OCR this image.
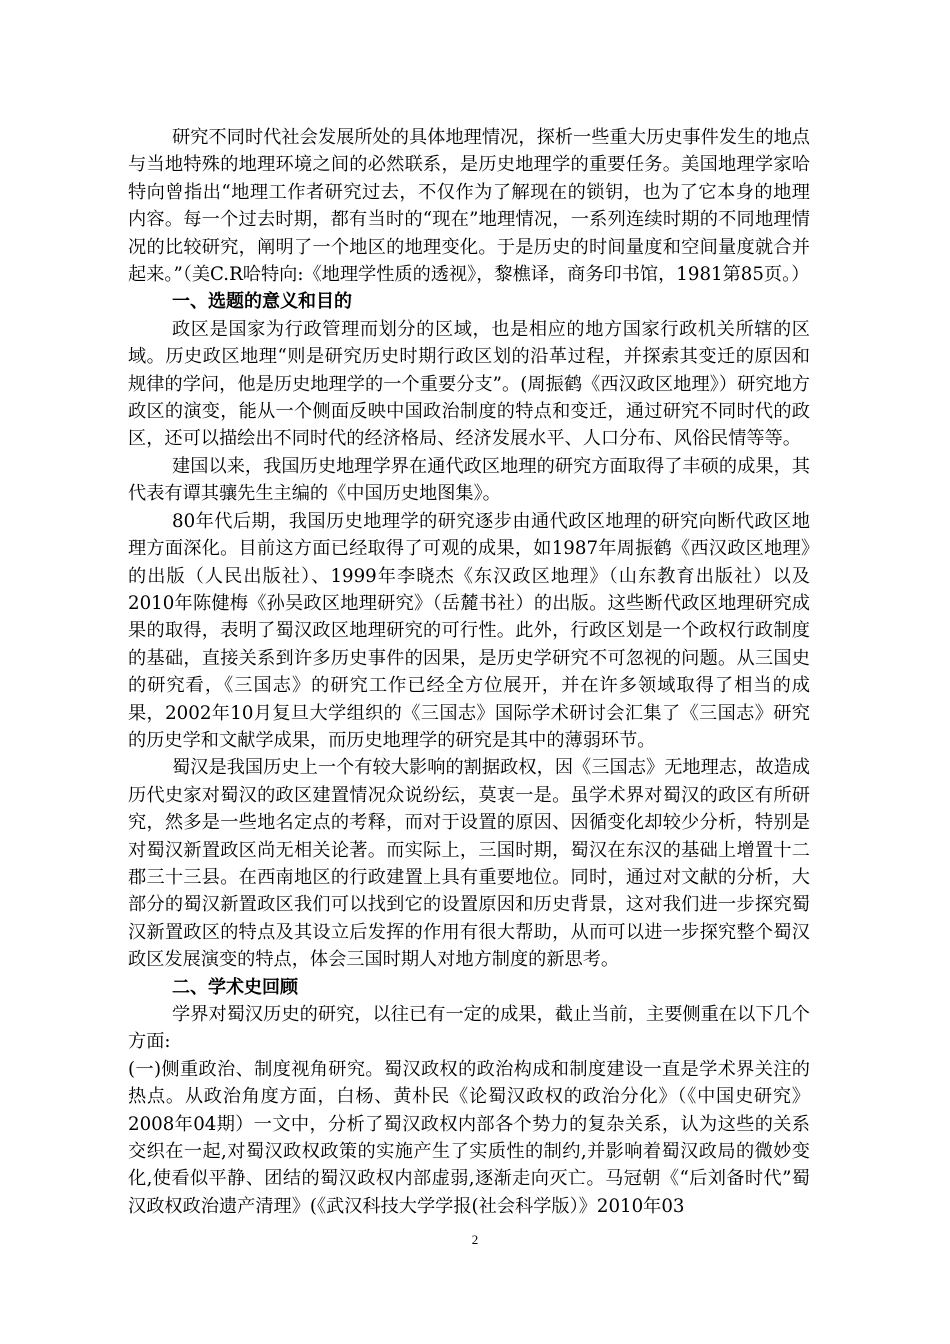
研究不同时代社会发展所处的具体地理情况，探析一些重大历史事件发生的地点与当地特殊的地理环境之间的必然联系，是历史地理学的重要任务。美国地理学家哈特向曾指出“地理工作者研究过去，不仅作为了解现在的锁钥，也为了它本身的地理内容。每一个过去时期，都有当时的“现在”地理情况，一系列连续时期的不同地理情况的比较研究，阐明了一个地区的地理变化。于是历史的时间量度和空间量度就合并起来。”（美C.R哈特向:《地理学性质的透视》，黎樵译，商务印书馆，1981第85页。）

一、选题的意义和目的

政区是国家为行政管理而划分的区域，也是相应的地方国家行政机关所辖的区域。历史政区地理“则是研究历史时期行政区划的沿革过程，并探索其变迁的原因和规律的学问，他是历史地理学的一个重要分支”。(周振鹤《西汉政区地理》）研究地方政区的演变，能从一个侧面反映中国政治制度的特点和变迁，通过研究不同时代的政区，还可以描绘出不同时代的经济格局、经济发展水平、人口分布、风俗民情等等。

建国以来，我国历史地理学界在通代政区地理的研究方面取得了丰硕的成果，其代表有谭其骧先生主编的《中国历史地图集》。

80年代后期，我国历史地理学的研究逐步由通代政区地理的研究向断代政区地理方面深化。目前这方面已经取得了可观的成果，如1987年周振鹤《西汉政区地理》的出版（人民出版社）、1999年李晓杰《东汉政区地理》（山东教育出版社）以及2010年陈健梅《孙吴政区地理研究》（岳麓书社）的出版。这些断代政区地理研究成果的取得，表明了蜀汉政区地理研究的可行性。此外，行政区划是一个政权行政制度的基础，直接关系到许多历史事件的因果，是历史学研究不可忽视的问题。从三国史的研究看，《三国志》的研究工作已经全方位展开，并在许多领域取得了相当的成果，2002年10月复旦大学组织的《三国志》国际学术研讨会汇集了《三国志》研究的历史学和文献学成果，而历史地理学的研究是其中的薄弱环节。

蜀汉是我国历史上一个有较大影响的割据政权，因《三国志》无地理志，故造成历代史家对蜀汉的政区建置情况众说纷纭，莫衷一是。虽学术界对蜀汉的政区有所研究，然多是一些地名定点的考释，而对于设置的原因、因循变化却较少分析，特别是对蜀汉新置政区尚无相关论著。而实际上，三国时期，蜀汉在东汉的基础上增置十二郡三十三县。在西南地区的行政建置上具有重要地位。同时，通过对文献的分析，大部分的蜀汉新置政区我们可以找到它的设置原因和历史背景，这对我们进一步探究蜀汉新置政区的特点及其设立后发挥的作用有很大帮助，从而可以进一步探究整个蜀汉政区发展演变的特点，体会三国时期人对地方制度的新思考。

二、学术史回顾

学界对蜀汉历史的研究，以往已有一定的成果，截止当前，主要侧重在以下几个方面:

(一)侧重政治、制度视角研究。蜀汉政权的政治构成和制度建设一直是学术界关注的热点。从政治角度方面，白杨、黄朴民《论蜀汉政权的政治分化》（《中国史研究》2008年04期）一文中，分析了蜀汉政权内部各个势力的复杂关系，认为这些的关系交织在一起,对蜀汉政权政策的实施产生了实质性的制约,并影响着蜀汉政局的微妙变化,使看似平静、团结的蜀汉政权内部虚弱,逐渐走向灭亡。马冠朝《“后刘备时代”蜀汉政权政治遗产清理》(《武汉科技大学学报(社会科学版）》2010年03

2
